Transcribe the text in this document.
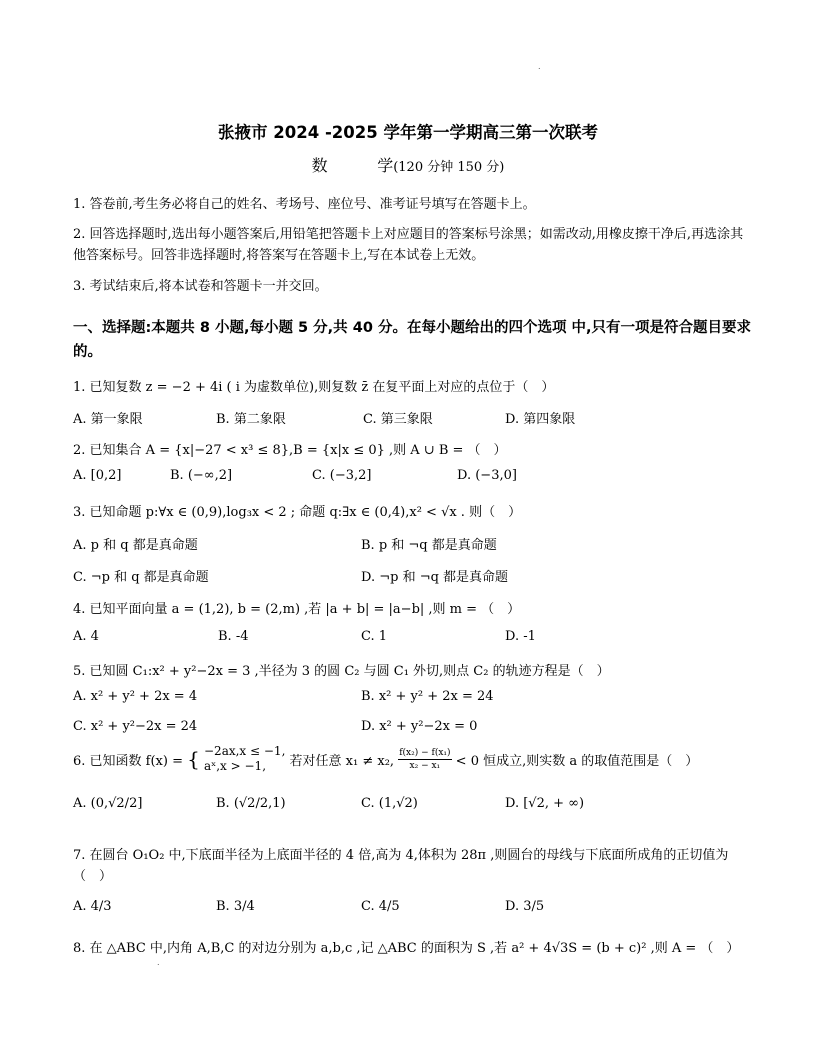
.
张掖市 2024 -2025 学年第一学期高三第一次联考
数	学(120 分钟 150 分)
1. 答卷前,考生务必将自己的姓名、考场号、座位号、准考证号填写在答题卡上。
2. 回答选择题时,选出每小题答案后,用铅笔把答题卡上对应题目的答案标号涂黑；如需改动,用橡皮擦干净后,再选涂其他答案标号。回答非选择题时,将答案写在答题卡上,写在本试卷上无效。
3. 考试结束后,将本试卷和答题卡一并交回。
一、选择题:本题共 8 小题,每小题 5 分,共 40 分。在每小题给出的四个选项 中,只有一项是符合题目要求的。
1. 已知复数 z = −2 + 4i ( i 为虚数单位),则复数 z̄ 在复平面上对应的点位于（　）
A. 第一象限	B. 第二象限	C. 第三象限	D. 第四象限
2. 已知集合 A = {x|−27 < x³ ≤ 8},B = {x|x ≤ 0} ,则 A ∪ B = （　）
A. [0,2]	B. (−∞,2]	C. (−3,2]	D. (−3,0]
3. 已知命题 p:∀x ∈ (0,9),log₃x < 2 ; 命题 q:∃x ∈ (0,4),x² < √x . 则（　）
A. p 和 q 都是真命题	B. p 和 ¬q 都是真命题
C. ¬p 和 q 都是真命题	D. ¬p 和 ¬q 都是真命题
4. 已知平面向量 a = (1,2), b = (2,m) ,若 |a + b| = |a−b| ,则 m = （　）
A. 4	B. -4	C. 1	D. -1
5. 已知圆 C₁:x² + y²−2x = 3 ,半径为 3 的圆 C₂ 与圆 C₁ 外切,则点 C₂ 的轨迹方程是（　）
A. x² + y² + 2x = 4	B. x² + y² + 2x = 24
C. x² + y²−2x = 24	D. x² + y²−2x = 0
6. 已知函数 f(x) = { −2ax,x ≤ −1,
aˣ,x > −1,	若对任意 x₁ ≠ x₂, $\frac{\text{f(x₂) − f(x₁)}}{\text{x₂ − x₁}} < 0$ 恒成立,则实数 a 的取值范围是（　）
A. (0,√2/2]	B. (√2/2,1)	C. (1,√2)	D. [√2, + ∞)
7. 在圆台 O₁O₂ 中,下底面半径为上底面半径的 4 倍,高为 4,体积为 28π ,则圆台的母线与下底面所成角的正切值为（　）
A. 4/3	B. 3/4	C. 4/5	D. 3/5
8. 在 △ABC 中,内角 A,B,C 的对边分别为 a,b,c ,记 △ABC 的面积为 S ,若 a² + 4√3S = (b + c)² ,则 A = （　）
.
